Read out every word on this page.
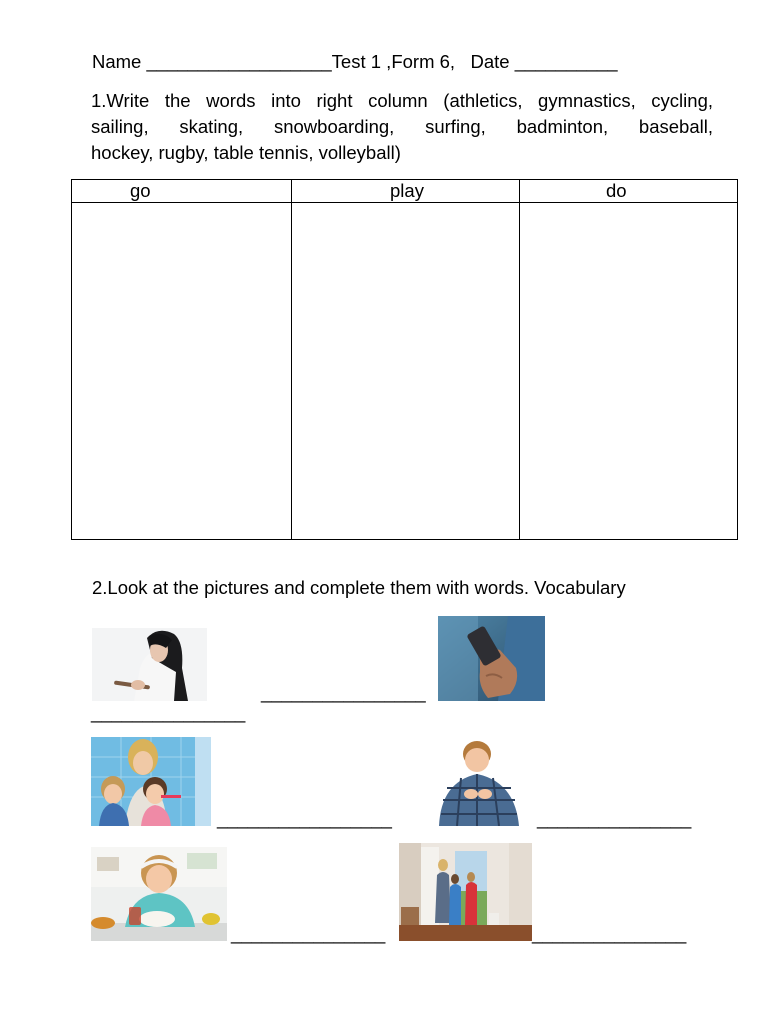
Name __________________Test 1 ,Form 6,   Date __________
1.Write the words into right column (athletics, gymnastics, cycling,
sailing, skating, snowboarding, surfing, badminton, baseball,
hockey, rugby, table tennis, volleyball)
go	play	do
2.Look at the pictures and complete them with words. Vocabulary
________________
_______________
_________________	_______________
_______________	_______________
